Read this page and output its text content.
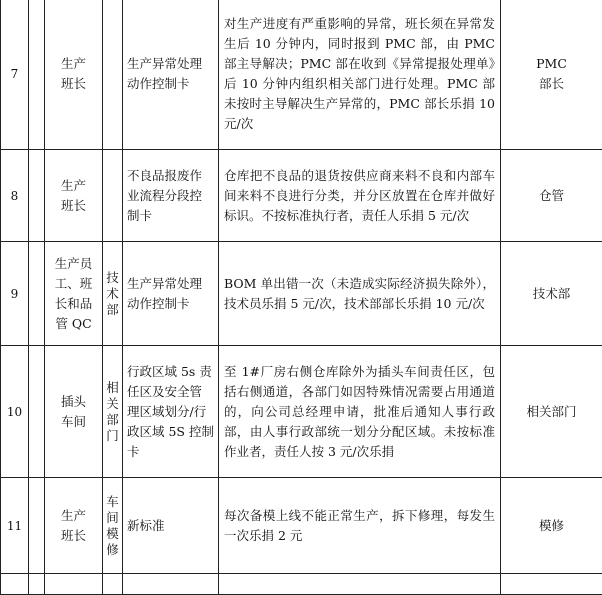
7		生产
班长		生产异常处理动作控制卡	对生产进度有严重影响的异常，班长须在异常发生后 10 分钟内，同时报到 PMC 部，由 PMC 部主导解决；PMC 部在收到《异常提报处理单》后 10 分钟内组织相关部门进行处理。PMC 部未按时主导解决生产异常的，PMC 部长乐捐 10 元/次	PMC
部长

8		生产
班长		不良品报废作业流程分段控制卡	仓库把不良品的退货按供应商来料不良和内部车间来料不良进行分类，并分区放置在仓库并做好标识。不按标准执行者，责任人乐捐 5 元/次	仓管

9		生产员
工、班
长和品
管 QC	技
术
部	生产异常处理动作控制卡	BOM 单出错一次（未造成实际经济损失除外），技术员乐捐 5 元/次，技术部部长乐捐 10 元/次	技术部

10		插头
车间	相
关
部
门	行政区域 5s 责任区及安全管理区域划分/行政区域 5S 控制卡	至 1#厂房右侧仓库除外为插头车间责任区，包括右侧通道，各部门如因特殊情况需要占用通道的，向公司总经理申请，批准后通知人事行政部，由人事行政部统一划分分配区域。未按标准作业者，责任人按 3 元/次乐捐	相关部门

11		生产
班长	车
间
模
修	新标准	每次备模上线不能正常生产，拆下修理，每发生一次乐捐 2 元	模修
